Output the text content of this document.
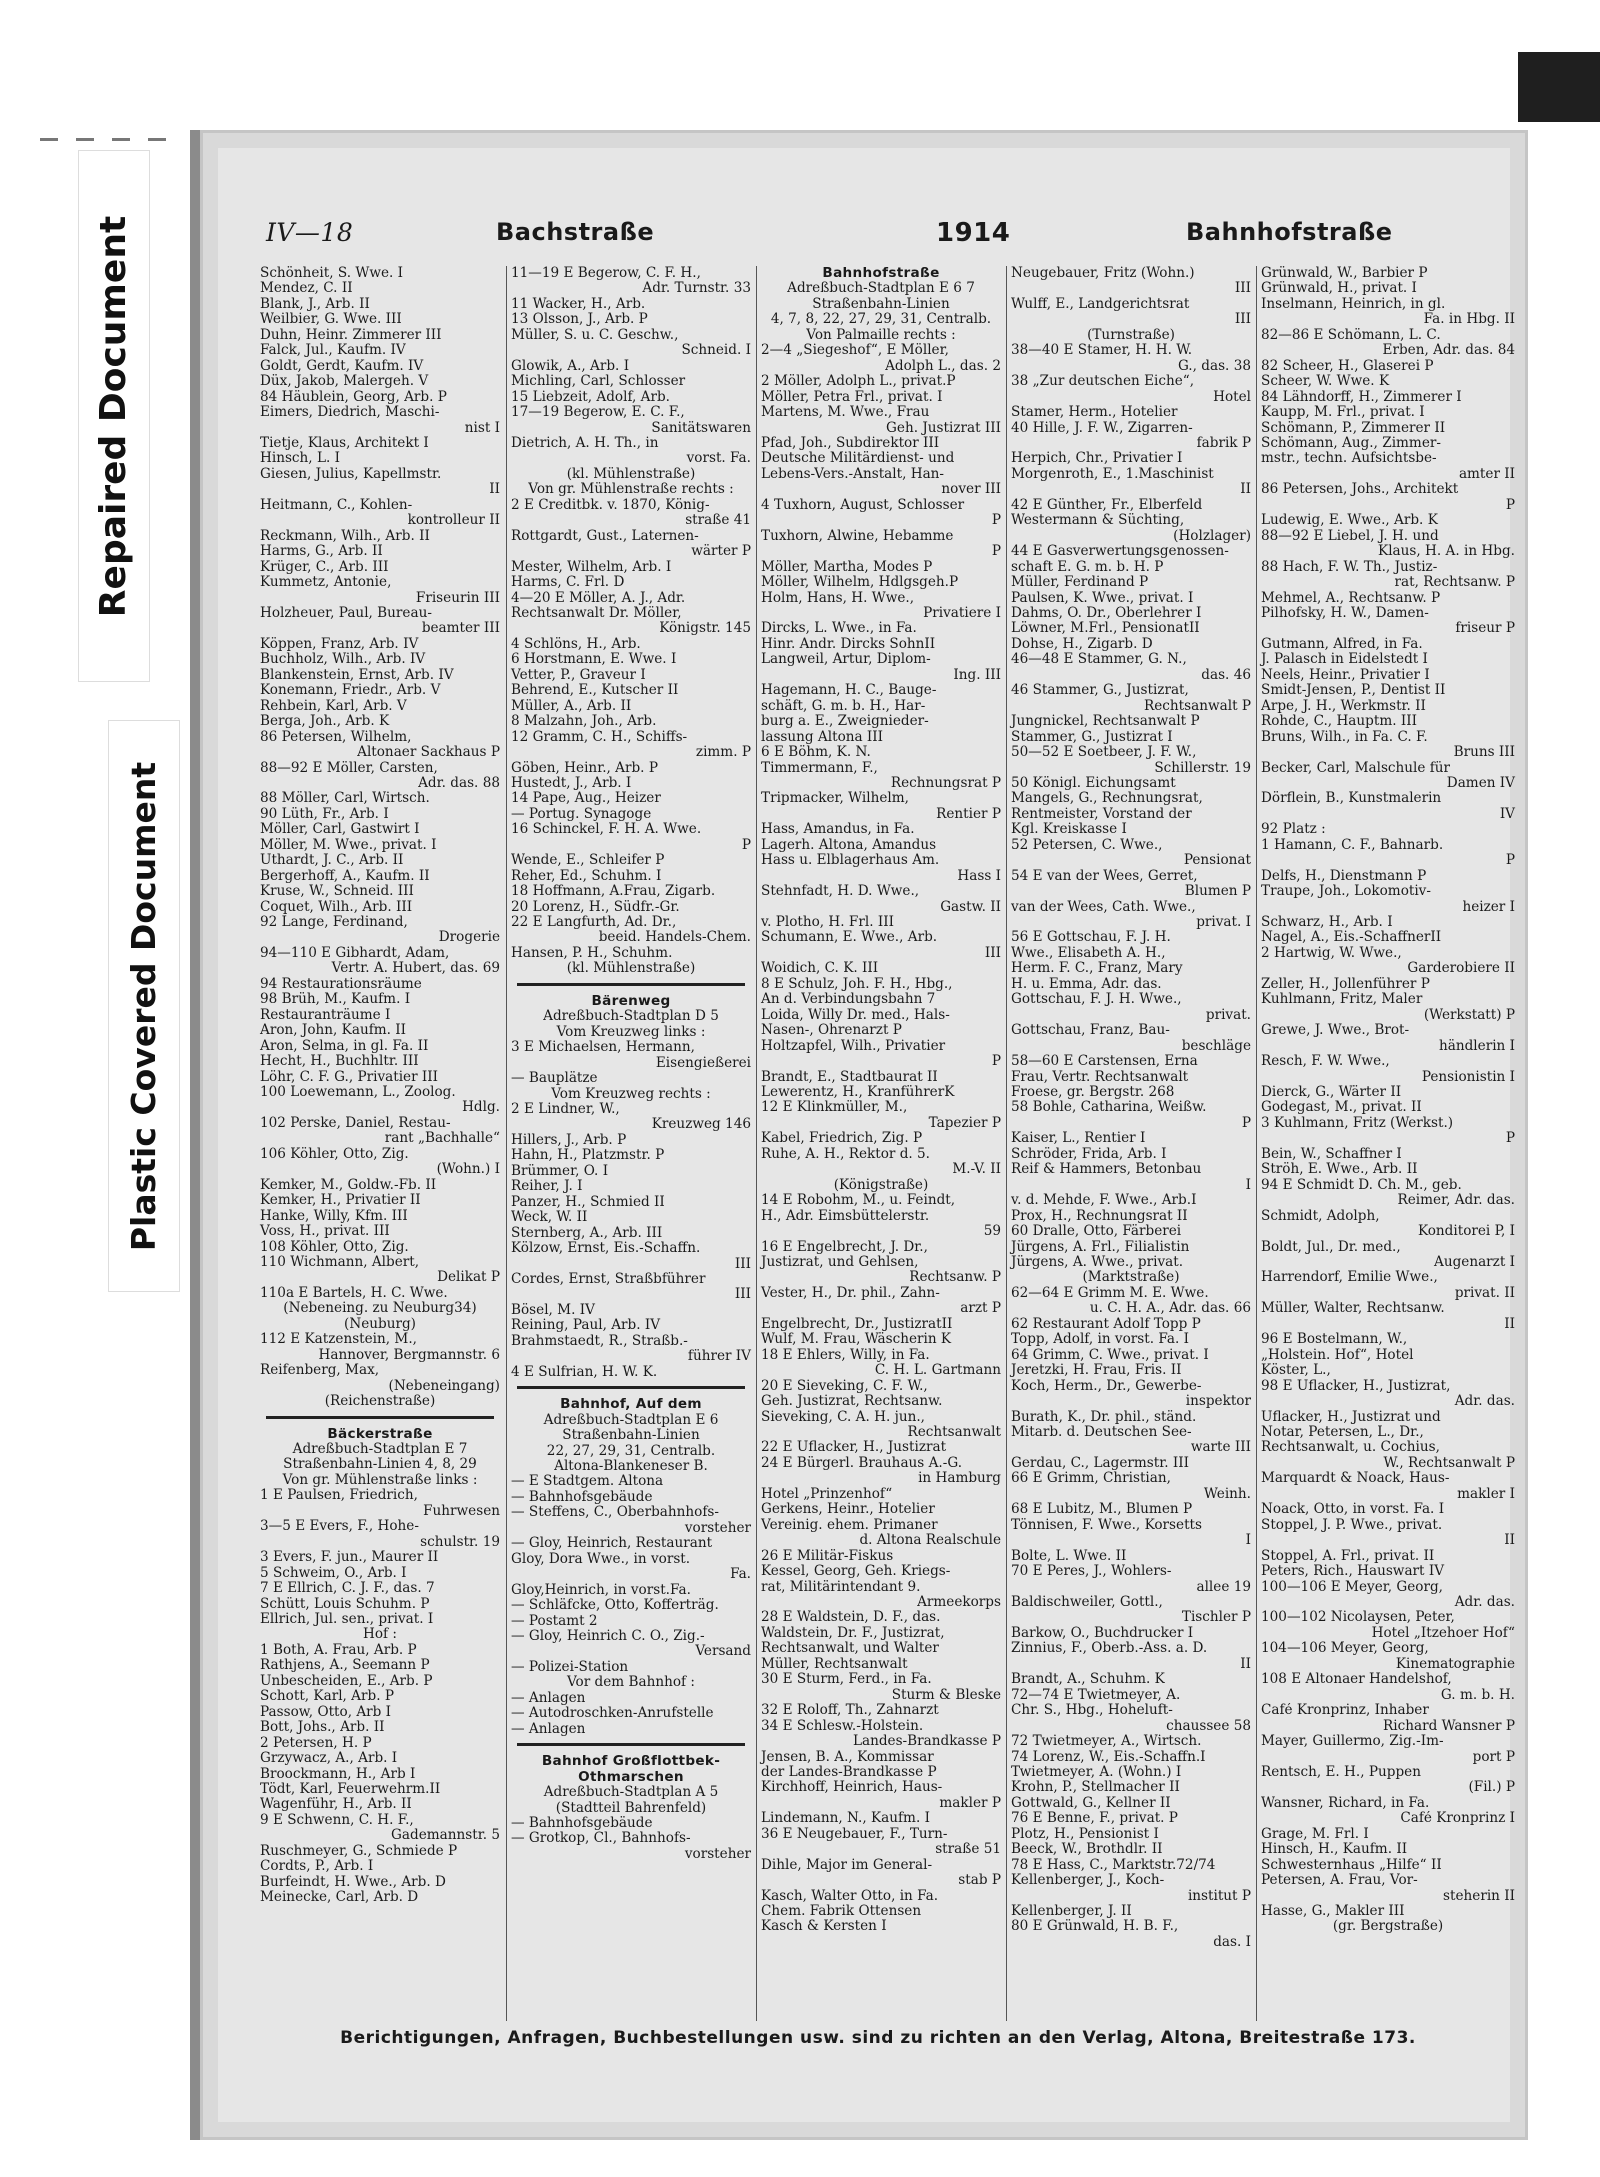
Repaired Document
Plastic Covered Document
IV—18	Bachstraße	1914	Bahnhofstraße
Schönheit, S. Wwe. I
Mendez, C. II
Blank, J., Arb. II
Weilbier, G. Wwe. III
Duhn, Heinr. Zimmerer III
Falck, Jul., Kaufm. IV
Goldt, Gerdt, Kaufm. IV
Düx, Jakob, Malergeh. V
84 Häublein, Georg, Arb. P
Eimers, Diedrich, Maschi-
nist I
Tietje, Klaus, Architekt I
Hinsch, L. I
Giesen, Julius, Kapellmstr.
II
Heitmann, C., Kohlen-
kontrolleur II
Reckmann, Wilh., Arb. II
Harms, G., Arb. II
Krüger, C., Arb. III
Kummetz, Antonie,
Friseurin III
Holzheuer, Paul, Bureau-
beamter III
Köppen, Franz, Arb. IV
Buchholz, Wilh., Arb. IV
Blankenstein, Ernst, Arb. IV
Konemann, Friedr., Arb. V
Rehbein, Karl, Arb. V
Berga, Joh., Arb. K
86 Petersen, Wilhelm,
Altonaer Sackhaus P
88—92 E Möller, Carsten,
Adr. das. 88
88 Möller, Carl, Wirtsch.
90 Lüth, Fr., Arb. I
Möller, Carl, Gastwirt I
Möller, M. Wwe., privat. I
Uthardt, J. C., Arb. II
Bergerhoff, A., Kaufm. II
Kruse, W., Schneid. III
Coquet, Wilh., Arb. III
92 Lange, Ferdinand,
Drogerie
94—110 E Gibhardt, Adam,
Vertr. A. Hubert, das. 69
94 Restaurationsräume
98 Brüh, M., Kaufm. I
Restauranträume I
Aron, John, Kaufm. II
Aron, Selma, in gl. Fa. II
Hecht, H., Buchhltr. III
Löhr, C. F. G., Privatier III
100 Loewemann, L., Zoolog.
Hdlg.
102 Perske, Daniel, Restau-
rant „Bachhalle“
106 Köhler, Otto, Zig.
(Wohn.) I
Kemker, M., Goldw.-Fb. II
Kemker, H., Privatier II
Hanke, Willy, Kfm. III
Voss, H., privat. III
108 Köhler, Otto, Zig.
110 Wichmann, Albert,
Delikat P
110a E Bartels, H. C. Wwe.
(Nebeneing. zu Neuburg34)
(Neuburg)
112 E Katzenstein, M.,
Hannover, Bergmannstr. 6
Reifenberg, Max,
(Nebeneingang)
(Reichenstraße)
Bäckerstraße
Adreßbuch-Stadtplan E 7
Straßenbahn-Linien 4, 8, 29
Von gr. Mühlenstraße links :
1 E Paulsen, Friedrich,
Fuhrwesen
3—5 E Evers, F., Hohe-
schulstr. 19
3 Evers, F. jun., Maurer II
5 Schweim, O., Arb. I
7 E Ellrich, C. J. F., das. 7
Schütt, Louis Schuhm. P
Ellrich, Jul. sen., privat. I
Hof :
1 Both, A. Frau, Arb. P
Rathjens, A., Seemann P
Unbescheiden, E., Arb. P
Schott, Karl, Arb. P
Passow, Otto, Arb I
Bott, Johs., Arb. II
2 Petersen, H. P
Grzywacz, A., Arb. I
Broockmann, H., Arb I
Tödt, Karl, Feuerwehrm.II
Wagenführ, H., Arb. II
9 E Schwenn, C. H. F.,
Gademannstr. 5
Ruschmeyer, G., Schmiede P
Cordts, P., Arb. I
Burfeindt, H. Wwe., Arb. D
Meinecke, Carl, Arb. D
11—19 E Begerow, C. F. H.,
Adr. Turnstr. 33
11 Wacker, H., Arb.
13 Olsson, J., Arb. P
Müller, S. u. C. Geschw.,
Schneid. I
Glowik, A., Arb. I
Michling, Carl, Schlosser
15 Liebzeit, Adolf, Arb.
17—19 Begerow, E. C. F.,
Sanitätswaren
Dietrich, A. H. Th., in
vorst. Fa.
(kl. Mühlenstraße)
Von gr. Mühlenstraße rechts :
2 E Creditbk. v. 1870, König-
straße 41
Rottgardt, Gust., Laternen-
wärter P
Mester, Wilhelm, Arb. I
Harms, C. Frl. D
4—20 E Möller, A. J., Adr.
Rechtsanwalt Dr. Möller,
Königstr. 145
4 Schlöns, H., Arb.
6 Horstmann, E. Wwe. I
Vetter, P., Graveur I
Behrend, E., Kutscher II
Müller, A., Arb. II
8 Malzahn, Joh., Arb.
12 Gramm, C. H., Schiffs-
zimm. P
Göben, Heinr., Arb. P
Hustedt, J., Arb. I
14 Pape, Aug., Heizer
— Portug. Synagoge
16 Schinckel, F. H. A. Wwe.
P
Wende, E., Schleifer P
Reher, Ed., Schuhm. I
18 Hoffmann, A.Frau, Zigarb.
20 Lorenz, H., Südfr.-Gr.
22 E Langfurth, Ad. Dr.,
beeid. Handels-Chem.
Hansen, P. H., Schuhm.
(kl. Mühlenstraße)
Bärenweg
Adreßbuch-Stadtplan D 5
Vom Kreuzweg links :
3 E Michaelsen, Hermann,
Eisengießerei
— Bauplätze
Vom Kreuzweg rechts :
2 E Lindner, W.,
Kreuzweg 146
Hillers, J., Arb. P
Hahn, H., Platzmstr. P
Brümmer, O. I
Reiher, J. I
Panzer, H., Schmied II
Weck, W. II
Sternberg, A., Arb. III
Kölzow, Ernst, Eis.-Schaffn.
III
Cordes, Ernst, Straßbführer
III
Bösel, M. IV
Reining, Paul, Arb. IV
Brahmstaedt, R., Straßb.-
führer IV
4 E Sulfrian, H. W. K.
Bahnhof, Auf dem
Adreßbuch-Stadtplan E 6
Straßenbahn-Linien
22, 27, 29, 31, Centralb.
Altona-Blankeneser B.
— E Stadtgem. Altona
— Bahnhofsgebäude
— Steffens, C., Oberbahnhofs-
vorsteher
— Gloy, Heinrich, Restaurant
Gloy, Dora Wwe., in vorst.
Fa.
Gloy,Heinrich, in vorst.Fa.
— Schläfcke, Otto, Kofferträg.
— Postamt 2
— Gloy, Heinrich C. O., Zig.-
Versand
— Polizei-Station
Vor dem Bahnhof :
— Anlagen
— Autodroschken-Anrufstelle
— Anlagen
Bahnhof Großflottbek-
Othmarschen
Adreßbuch-Stadtplan A 5
(Stadtteil Bahrenfeld)
— Bahnhofsgebäude
— Grotkop, Cl., Bahnhofs-
vorsteher
Bahnhofstraße
Adreßbuch-Stadtplan E 6 7
Straßenbahn-Linien
4, 7, 8, 22, 27, 29, 31, Centralb.
Von Palmaille rechts :
2—4 „Siegeshof“, E Möller,
Adolph L., das. 2
2 Möller, Adolph L., privat.P
Möller, Petra Frl., privat. I
Martens, M. Wwe., Frau
Geh. Justizrat III
Pfad, Joh., Subdirektor III
Deutsche Militärdienst- und
Lebens-Vers.-Anstalt, Han-
nover III
4 Tuxhorn, August, Schlosser
P
Tuxhorn, Alwine, Hebamme
P
Möller, Martha, Modes P
Möller, Wilhelm, Hdlgsgeh.P
Holm, Hans, H. Wwe.,
Privatiere I
Dircks, L. Wwe., in Fa.
Hinr. Andr. Dircks SohnII
Langweil, Artur, Diplom-
Ing. III
Hagemann, H. C., Bauge-
schäft, G. m. b. H., Har-
burg a. E., Zweignieder-
lassung Altona III
6 E Böhm, K. N.
Timmermann, F.,
Rechnungsrat P
Tripmacker, Wilhelm,
Rentier P
Hass, Amandus, in Fa.
Lagerh. Altona, Amandus
Hass u. Elblagerhaus Am.
Hass I
Stehnfadt, H. D. Wwe.,
Gastw. II
v. Plotho, H. Frl. III
Schumann, E. Wwe., Arb.
III
Woidich, C. K. III
8 E Schulz, Joh. F. H., Hbg.,
An d. Verbindungsbahn 7
Loida, Willy Dr. med., Hals-
Nasen-, Ohrenarzt P
Holtzapfel, Wilh., Privatier
P
Brandt, E., Stadtbaurat II
Lewerentz, H., KranführerK
12 E Klinkmüller, M.,
Tapezier P
Kabel, Friedrich, Zig. P
Ruhe, A. H., Rektor d. 5.
M.-V. II
(Königstraße)
14 E Robohm, M., u. Feindt,
H., Adr. Eimsbüttelerstr.
59
16 E Engelbrecht, J. Dr.,
Justizrat, und Gehlsen,
Rechtsanw. P
Vester, H., Dr. phil., Zahn-
arzt P
Engelbrecht, Dr., JustizratII
Wulf, M. Frau, Wäscherin K
18 E Ehlers, Willy, in Fa.
C. H. L. Gartmann
20 E Sieveking, C. F. W.,
Geh. Justizrat, Rechtsanw.
Sieveking, C. A. H. jun.,
Rechtsanwalt
22 E Uflacker, H., Justizrat
24 E Bürgerl. Brauhaus A.-G.
in Hamburg
Hotel „Prinzenhof“
Gerkens, Heinr., Hotelier
Vereinig. ehem. Primaner
d. Altona Realschule
26 E Militär-Fiskus
Kessel, Georg, Geh. Kriegs-
rat, Militärintendant 9.
Armeekorps
28 E Waldstein, D. F., das.
Waldstein, Dr. F., Justizrat,
Rechtsanwalt, und Walter
Müller, Rechtsanwalt
30 E Sturm, Ferd., in Fa.
Sturm & Bleske
32 E Roloff, Th., Zahnarzt
34 E Schlesw.-Holstein.
Landes-Brandkasse P
Jensen, B. A., Kommissar
der Landes-Brandkasse P
Kirchhoff, Heinrich, Haus-
makler P
Lindemann, N., Kaufm. I
36 E Neugebauer, F., Turn-
straße 51
Dihle, Major im General-
stab P
Kasch, Walter Otto, in Fa.
Chem. Fabrik Ottensen
Kasch & Kersten I
Neugebauer, Fritz (Wohn.)
III
Wulff, E., Landgerichtsrat
III
(Turnstraße)
38—40 E Stamer, H. H. W.
G., das. 38
38 „Zur deutschen Eiche“,
Hotel
Stamer, Herm., Hotelier
40 Hille, J. F. W., Zigarren-
fabrik P
Herpich, Chr., Privatier I
Morgenroth, E., 1.Maschinist
II
42 E Günther, Fr., Elberfeld
Westermann & Süchting,
(Holzlager)
44 E Gasverwertungsgenossen-
schaft E. G. m. b. H. P
Müller, Ferdinand P
Paulsen, K. Wwe., privat. I
Dahms, O. Dr., Oberlehrer I
Löwner, M.Frl., PensionatII
Dohse, H., Zigarb. D
46—48 E Stammer, G. N.,
das. 46
46 Stammer, G., Justizrat,
Rechtsanwalt P
Jungnickel, Rechtsanwalt P
Stammer, G., Justizrat I
50—52 E Soetbeer, J. F. W.,
Schillerstr. 19
50 Königl. Eichungsamt
Mangels, G., Rechnungsrat,
Rentmeister, Vorstand der
Kgl. Kreiskasse I
52 Petersen, C. Wwe.,
Pensionat
54 E van der Wees, Gerret,
Blumen P
van der Wees, Cath. Wwe.,
privat. I
56 E Gottschau, F. J. H.
Wwe., Elisabeth A. H.,
Herm. F. C., Franz, Mary
H. u. Emma, Adr. das.
Gottschau, F. J. H. Wwe.,
privat.
Gottschau, Franz, Bau-
beschläge
58—60 E Carstensen, Erna
Frau, Vertr. Rechtsanwalt
Froese, gr. Bergstr. 268
58 Bohle, Catharina, Weißw.
P
Kaiser, L., Rentier I
Schröder, Frida, Arb. I
Reif & Hammers, Betonbau
I
v. d. Mehde, F. Wwe., Arb.I
Prox, H., Rechnungsrat II
60 Dralle, Otto, Färberei
Jürgens, A. Frl., Filialistin
Jürgens, A. Wwe., privat.
(Marktstraße)
62—64 E Grimm M. E. Wwe.
u. C. H. A., Adr. das. 66
62 Restaurant Adolf Topp P
Topp, Adolf, in vorst. Fa. I
64 Grimm, C. Wwe., privat. I
Jeretzki, H. Frau, Fris. II
Koch, Herm., Dr., Gewerbe-
inspektor
Burath, K., Dr. phil., ständ.
Mitarb. d. Deutschen See-
warte III
Gerdau, C., Lagermstr. III
66 E Grimm, Christian,
Weinh.
68 E Lubitz, M., Blumen P
Tönnisen, F. Wwe., Korsetts
I
Bolte, L. Wwe. II
70 E Peres, J., Wohlers-
allee 19
Baldischweiler, Gottl.,
Tischler P
Barkow, O., Buchdrucker I
Zinnius, F., Oberb.-Ass. a. D.
II
Brandt, A., Schuhm. K
72—74 E Twietmeyer, A.
Chr. S., Hbg., Hoheluft-
chaussee 58
72 Twietmeyer, A., Wirtsch.
74 Lorenz, W., Eis.-Schaffn.I
Twietmeyer, A. (Wohn.) I
Krohn, P., Stellmacher II
Gottwald, G., Kellner II
76 E Benne, F., privat. P
Plotz, H., Pensionist I
Beeck, W., Brothdlr. II
78 E Hass, C., Marktstr.72/74
Kellenberger, J., Koch-
institut P
Kellenberger, J. II
80 E Grünwald, H. B. F.,
das. I
Grünwald, W., Barbier P
Grünwald, H., privat. I
Inselmann, Heinrich, in gl.
Fa. in Hbg. II
82—86 E Schömann, L. C.
Erben, Adr. das. 84
82 Scheer, H., Glaserei P
Scheer, W. Wwe. K
84 Lähndorff, H., Zimmerer I
Kaupp, M. Frl., privat. I
Schömann, P., Zimmerer II
Schömann, Aug., Zimmer-
mstr., techn. Aufsichtsbe-
amter II
86 Petersen, Johs., Architekt
P
Ludewig, E. Wwe., Arb. K
88—92 E Liebel, J. H. und
Klaus, H. A. in Hbg.
88 Hach, F. W. Th., Justiz-
rat, Rechtsanw. P
Mehmel, A., Rechtsanw. P
Pilhofsky, H. W., Damen-
friseur P
Gutmann, Alfred, in Fa.
J. Palasch in Eidelstedt I
Neels, Heinr., Privatier I
Smidt-Jensen, P., Dentist II
Arpe, J. H., Werkmstr. II
Rohde, C., Hauptm. III
Bruns, Wilh., in Fa. C. F.
Bruns III
Becker, Carl, Malschule für
Damen IV
Dörflein, B., Kunstmalerin
IV
92 Platz :
1 Hamann, C. F., Bahnarb.
P
Delfs, H., Dienstmann P
Traupe, Joh., Lokomotiv-
heizer I
Schwarz, H., Arb. I
Nagel, A., Eis.-SchaffnerII
2 Hartwig, W. Wwe.,
Garderobiere II
Zeller, H., Jollenführer P
Kuhlmann, Fritz, Maler
(Werkstatt) P
Grewe, J. Wwe., Brot-
händlerin I
Resch, F. W. Wwe.,
Pensionistin I
Dierck, G., Wärter II
Godegast, M., privat. II
3 Kuhlmann, Fritz (Werkst.)
P
Bein, W., Schaffner I
Ströh, E. Wwe., Arb. II
94 E Schmidt D. Ch. M., geb.
Reimer, Adr. das.
Schmidt, Adolph,
Konditorei P, I
Boldt, Jul., Dr. med.,
Augenarzt I
Harrendorf, Emilie Wwe.,
privat. II
Müller, Walter, Rechtsanw.
II
96 E Bostelmann, W.,
„Holstein. Hof“, Hotel
Köster, L.,
98 E Uflacker, H., Justizrat,
Adr. das.
Uflacker, H., Justizrat und
Notar, Petersen, L., Dr.,
Rechtsanwalt, u. Cochius,
W., Rechtsanwalt P
Marquardt & Noack, Haus-
makler I
Noack, Otto, in vorst. Fa. I
Stoppel, J. P. Wwe., privat.
II
Stoppel, A. Frl., privat. II
Peters, Rich., Hauswart IV
100—106 E Meyer, Georg,
Adr. das.
100—102 Nicolaysen, Peter,
Hotel „Itzehoer Hof“
104—106 Meyer, Georg,
Kinematographie
108 E Altonaer Handelshof,
G. m. b. H.
Café Kronprinz, Inhaber
Richard Wansner P
Mayer, Guillermo, Zig.-Im-
port P
Rentsch, E. H., Puppen
(Fil.) P
Wansner, Richard, in Fa.
Café Kronprinz I
Grage, M. Frl. I
Hinsch, H., Kaufm. II
Schwesternhaus „Hilfe“ II
Petersen, A. Frau, Vor-
steherin II
Hasse, G., Makler III
(gr. Bergstraße)
Berichtigungen, Anfragen, Buchbestellungen usw. sind zu richten an den Verlag, Altona, Breitestraße 173.
